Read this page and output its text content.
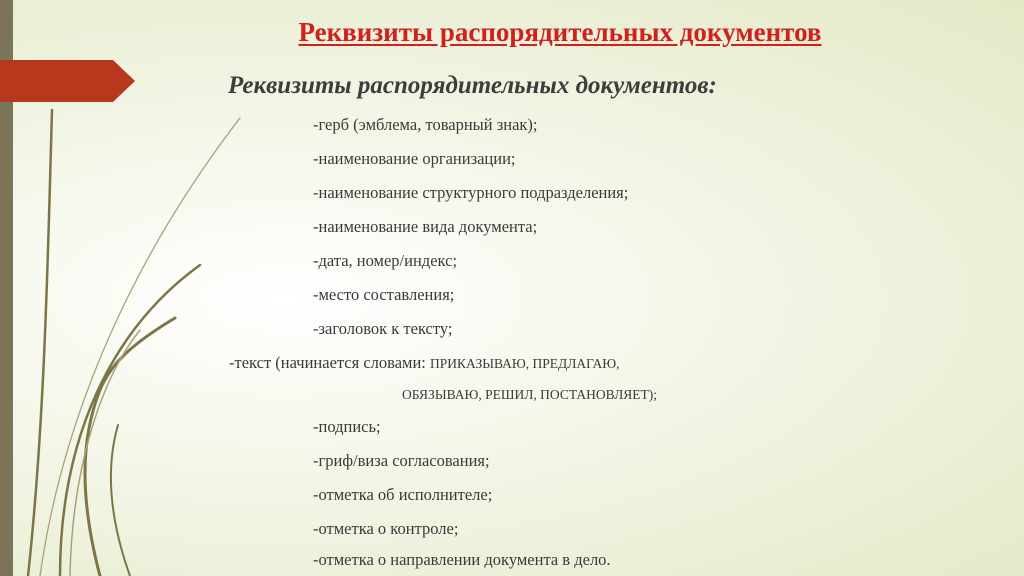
Реквизиты распорядительных документов
Реквизиты распорядительных документов:
-герб (эмблема, товарный знак);
-наименование организации;
-наименование структурного подразделения;
-наименование вида документа;
-дата, номер/индекс;
-место составления;
-заголовок к тексту;
-текст (начинается словами: ПРИКАЗЫВАЮ, ПРЕДЛАГАЮ,
ОБЯЗЫВАЮ, РЕШИЛ, ПОСТАНОВЛЯЕТ);
-подпись;
-гриф/виза согласования;
-отметка об исполнителе;
-отметка о контроле;
-отметка о направлении документа в дело.
